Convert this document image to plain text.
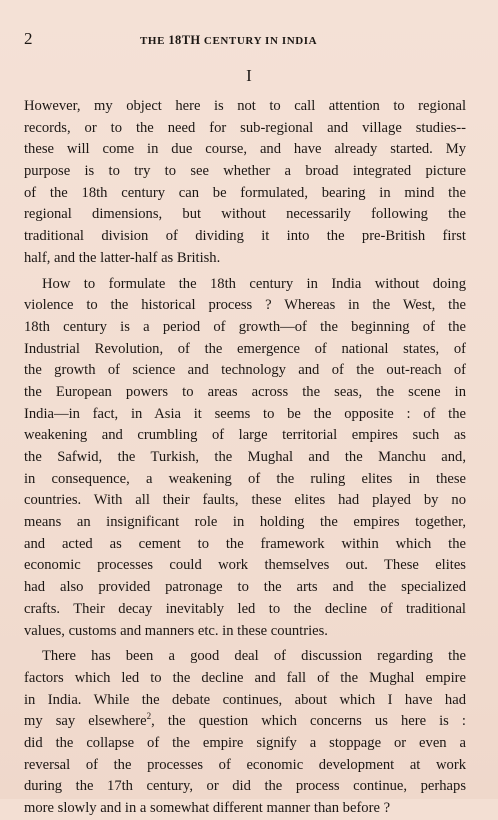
2	THE 18TH CENTURY IN INDIA
I
However, my object here is not to call attention to regional
records, or to the need for sub-regional and village studies--
these will come in due course, and have already started. My
purpose is to try to see whether a broad integrated picture
of the 18th century can be formulated, bearing in mind the
regional dimensions, but without necessarily following the
traditional division of dividing it into the pre-British first
half, and the latter-half as British.
How to formulate the 18th century in India without doing
violence to the historical process ? Whereas in the West, the
18th century is a period of growth—of the beginning of the
Industrial Revolution, of the emergence of national states, of
the growth of science and technology and of the out-reach of
the European powers to areas across the seas, the scene in
India—in fact, in Asia it seems to be the opposite : of the
weakening and crumbling of large territorial empires such as
the Safwid, the Turkish, the Mughal and the Manchu and,
in consequence, a weakening of the ruling elites in these
countries. With all their faults, these elites had played by no
means an insignificant role in holding the empires together,
and acted as cement to the framework within which the
economic processes could work themselves out. These elites
had also provided patronage to the arts and the specialized
crafts. Their decay inevitably led to the decline of traditional
values, customs and manners etc. in these countries.
There has been a good deal of discussion regarding the
factors which led to the decline and fall of the Mughal empire
in India. While the debate continues, about which I have had
my say elsewhere$^2$, the question which concerns us here is :
did the collapse of the empire signify a stoppage or even a
reversal of the processes of economic development at work
during the 17th century, or did the process continue, perhaps
more slowly and in a somewhat different manner than before ?
